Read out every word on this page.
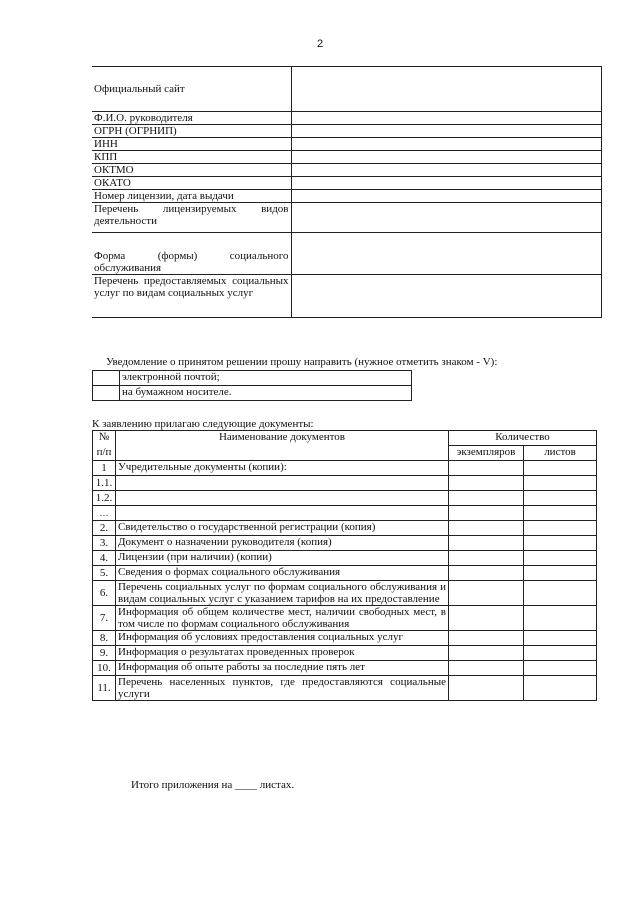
2
Официальный сайт	
Ф.И.О. руководителя	
ОГРН (ОГРНИП)	
ИНН	
КПП	
ОКТМО	
ОКАТО	
Номер лицензии, дата выдачи	
Перечень лицензируемых видов деятельности	
Форма (формы) социального обслуживания	
Перечень предоставляемых социальных услуг по видам социальных услуг	
Уведомление о принятом решении прошу направить (нужное отметить знаком - V):
	электронной почтой;
	на бумажном носителе.
К заявлению прилагаю следующие документы:
№	Наименование документов	Количество	
п/п		экземпляров	листов
1	Учредительные документы (копии):		
1.1.			
1.2.			
…			
2.	Свидетельство о государственной регистрации (копия)		
3.	Документ о назначении руководителя (копия)		
4.	Лицензии (при наличии) (копии)		
5.	Сведения о формах социального обслуживания		
6.	Перечень социальных услуг по формам социального обслуживания и видам социальных услуг с указанием тарифов на их предоставление		
7.	Информация об общем количестве мест, наличии свободных мест, в том числе по формам социального обслуживания		
8.	Информация об условиях предоставления социальных услуг		
9.	Информация о результатах проведенных проверок		
10.	Информация об опыте работы за последние пять лет		
11.	Перечень населенных пунктов, где предоставляются социальные услуги		
Итого приложения на ____ листах.
